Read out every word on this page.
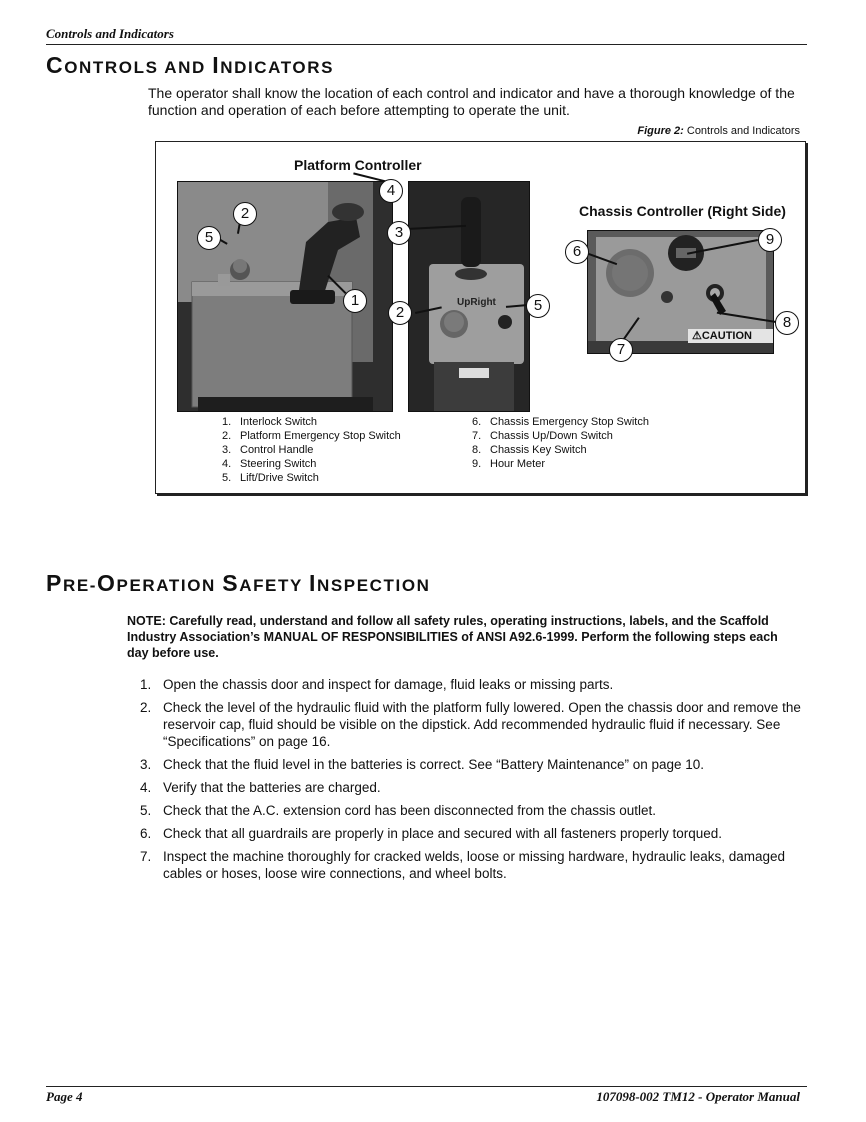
Controls and Indicators
CONTROLS AND INDICATORS
The operator shall know the location of each control and indicator and have a thorough knowledge of the function and operation of each before attempting to operate the unit.
Figure 2: Controls and Indicators
Platform Controller
Chassis Controller (Right Side)
UpRight
⚠CAUTION
1
2
2
3
4
5
5
6
7
8
9
1. Interlock Switch
2. Platform Emergency Stop Switch
3. Control Handle
4. Steering Switch
5. Lift/Drive Switch
6. Chassis Emergency Stop Switch
7. Chassis Up/Down Switch
8. Chassis Key Switch
9. Hour Meter
PRE-OPERATION SAFETY INSPECTION
NOTE: Carefully read, understand and follow all safety rules, operating instructions, labels, and the Scaffold Industry Association’s MANUAL OF RESPONSIBILITIES of ANSI A92.6-1999. Perform the following steps each day before use.
1. Open the chassis door and inspect for damage, fluid leaks or missing parts.
2. Check the level of the hydraulic fluid with the platform fully lowered. Open the chassis door and remove the reservoir cap, fluid should be visible on the dipstick. Add recommended hydraulic fluid if necessary. See “Specifications” on page 16.
3. Check that the fluid level in the batteries is correct. See “Battery Maintenance” on page 10.
4. Verify that the batteries are charged.
5. Check that the A.C. extension cord has been disconnected from the chassis outlet.
6. Check that all guardrails are properly in place and secured with all fasteners properly torqued.
7. Inspect the machine thoroughly for cracked welds, loose or missing hardware, hydraulic leaks, damaged cables or hoses, loose wire connections, and wheel bolts.
Page 4	107098-002 TM12 - Operator Manual
